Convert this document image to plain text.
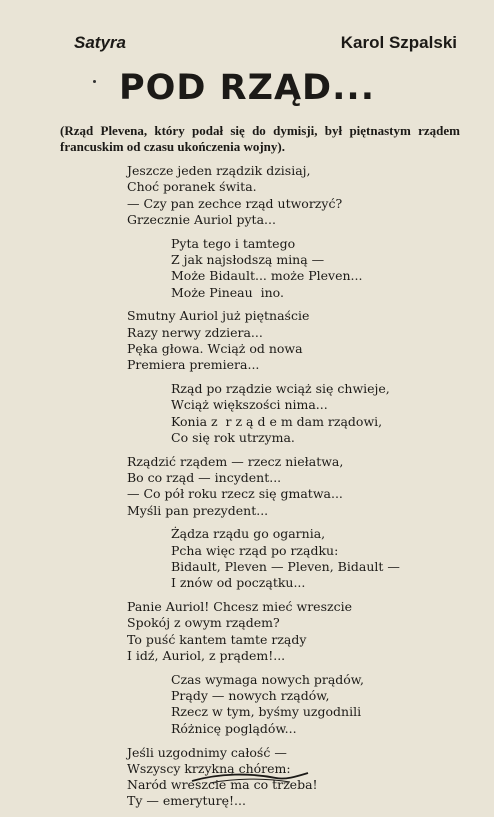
Satyra	Karol Szpalski
POD RZĄD...
(Rząd Plevena, który podał się do dymisji, był piętnastym rządem francuskim od czasu ukończenia wojny).
Jeszcze jeden rządzik dzisiaj,
Choć poranek świta.
— Czy pan zechce rząd utworzyć?
Grzecznie Auriol pyta...
Pyta tego i tamtego
Z jak najsłodszą miną —
Może Bidault... może Pleven...
Może Pineau  ino.
Smutny Auriol już piętnaście
Razy nerwy zdziera...
Pęka głowa. Wciąż od nowa
Premiera premiera...
Rząd po rządzie wciąż się chwieje,
Wciąż większości nima...
Konia z  r z ą d e m dam rządowi,
Co się rok utrzyma.
Rządzić rządem — rzecz niełatwa,
Bo co rząd — incydent...
— Co pół roku rzecz się gmatwa...
Myśli pan prezydent...
Żądza rządu go ogarnia,
Pcha więc rząd po rządku:
Bidault, Pleven — Pleven, Bidault —
I znów od początku...
Panie Auriol! Chcesz mieć wreszcie
Spokój z owym rządem?
To puść kantem tamte rządy
I idź, Auriol, z prądem!...
Czas wymaga nowych prądów,
Prądy — nowych rządów,
Rzecz w tym, byśmy uzgodnili
Różnicę poglądów...
Jeśli uzgodnimy całość —
Wszyscy krzykną chórem:
Naród wreszcie ma co trzeba!
Ty — emeryturę!...
